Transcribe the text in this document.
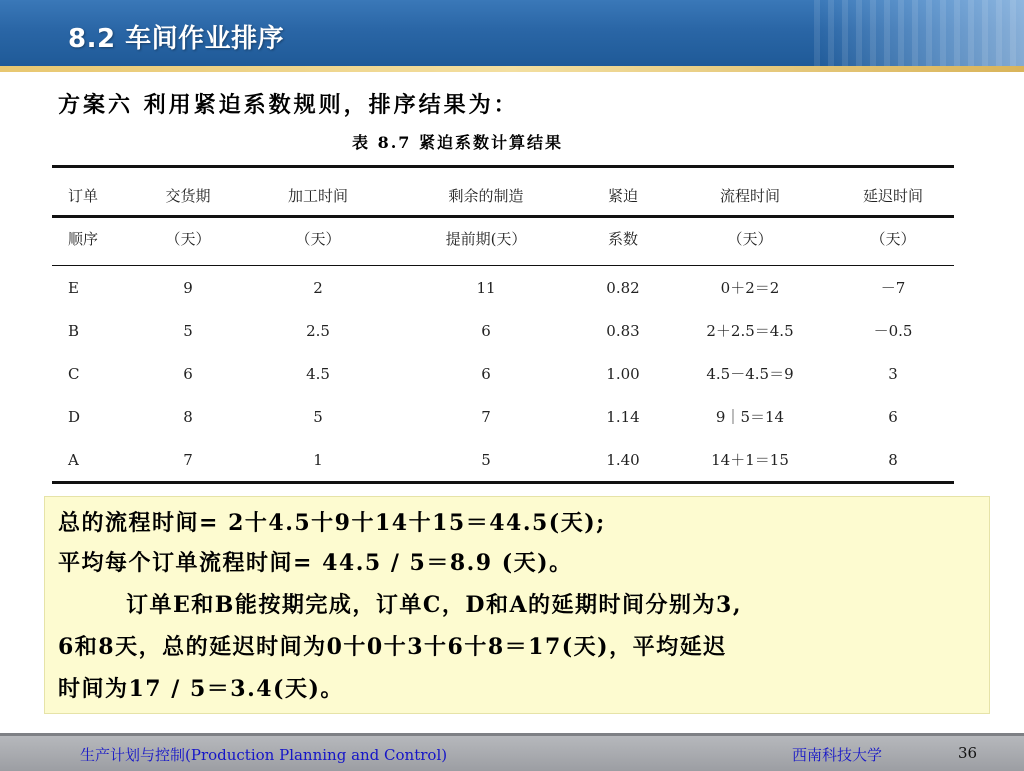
8.2 车间作业排序
方案六 利用紧迫系数规则，排序结果为：
表 8.7 紧迫系数计算结果
订单	交货期	加工时间	剩余的制造	紧迫	流程时间	延迟时间
顺序	（天）	（天）	提前期(天）	系数	（天）	（天）
E	9	2	11	0.82	0＋2＝2	－7
B	5	2.5	6	0.83	2＋2.5＝4.5	－0.5
C	6	4.5	6	1.00	4.5－4.5＝9	3
D	8	5	7	1.14	9｜5＝14	6
A	7	1	5	1.40	14＋1＝15	8
总的流程时间= 2十4.5十9十14十15＝44.5(天);
平均每个订单流程时间= 44.5 / 5＝8.9 (天)。
订单E和B能按期完成，订单C，D和A的延期时间分别为3,
6和8天，总的延迟时间为0十0十3十6十8＝17(天)，平均延迟
时间为17 / 5＝3.4(天)。
生产计划与控制(Production Planning and Control)	西南科技大学	36
